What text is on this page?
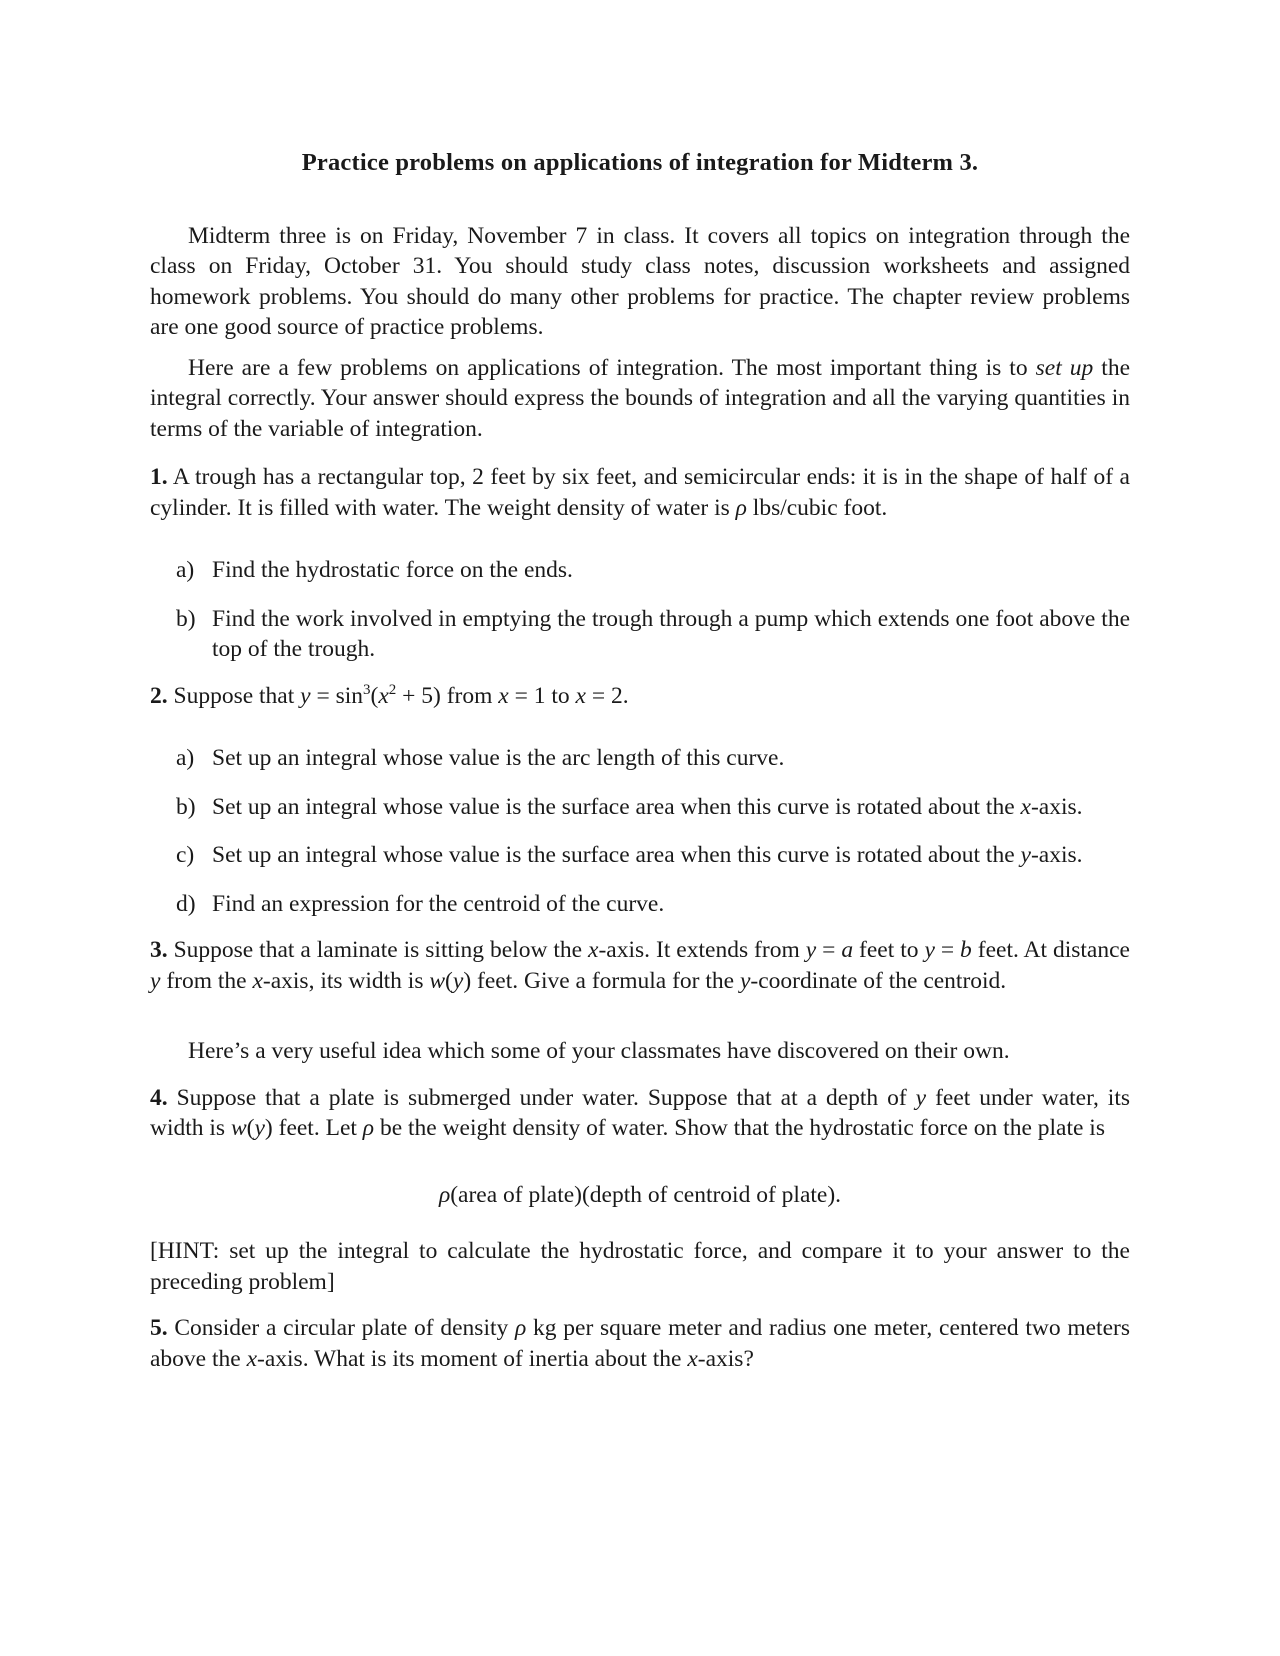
Practice problems on applications of integration for Midterm 3.

Midterm three is on Friday, November 7 in class. It covers all topics on integration through the class on Friday, October 31. You should study class notes, discussion worksheets and assigned homework problems. You should do many other problems for practice. The chapter review problems are one good source of practice problems.

Here are a few problems on applications of integration. The most important thing is to set up the integral correctly. Your answer should express the bounds of integration and all the varying quantities in terms of the variable of integration.

1. A trough has a rectangular top, 2 feet by six feet, and semicircular ends: it is in the shape of half of a cylinder. It is filled with water. The weight density of water is ρ lbs/cubic foot.

a) Find the hydrostatic force on the ends.
b) Find the work involved in emptying the trough through a pump which extends one foot above the top of the trough.

2. Suppose that $y = \sin^3(x^2 + 5)$ from x = 1 to x = 2.

a) Set up an integral whose value is the arc length of this curve.
b) Set up an integral whose value is the surface area when this curve is rotated about the x-axis.
c) Set up an integral whose value is the surface area when this curve is rotated about the y-axis.
d) Find an expression for the centroid of the curve.

3. Suppose that a laminate is sitting below the x-axis. It extends from y = a feet to y = b feet. At distance y from the x-axis, its width is w(y) feet. Give a formula for the y-coordinate of the centroid.

Here’s a very useful idea which some of your classmates have discovered on their own.

4. Suppose that a plate is submerged under water. Suppose that at a depth of y feet under water, its width is w(y) feet. Let ρ be the weight density of water. Show that the hydrostatic force on the plate is

ρ(area of plate)(depth of centroid of plate).

[HINT: set up the integral to calculate the hydrostatic force, and compare it to your answer to the preceding problem]

5. Consider a circular plate of density ρ kg per square meter and radius one meter, centered two meters above the x-axis. What is its moment of inertia about the x-axis?
